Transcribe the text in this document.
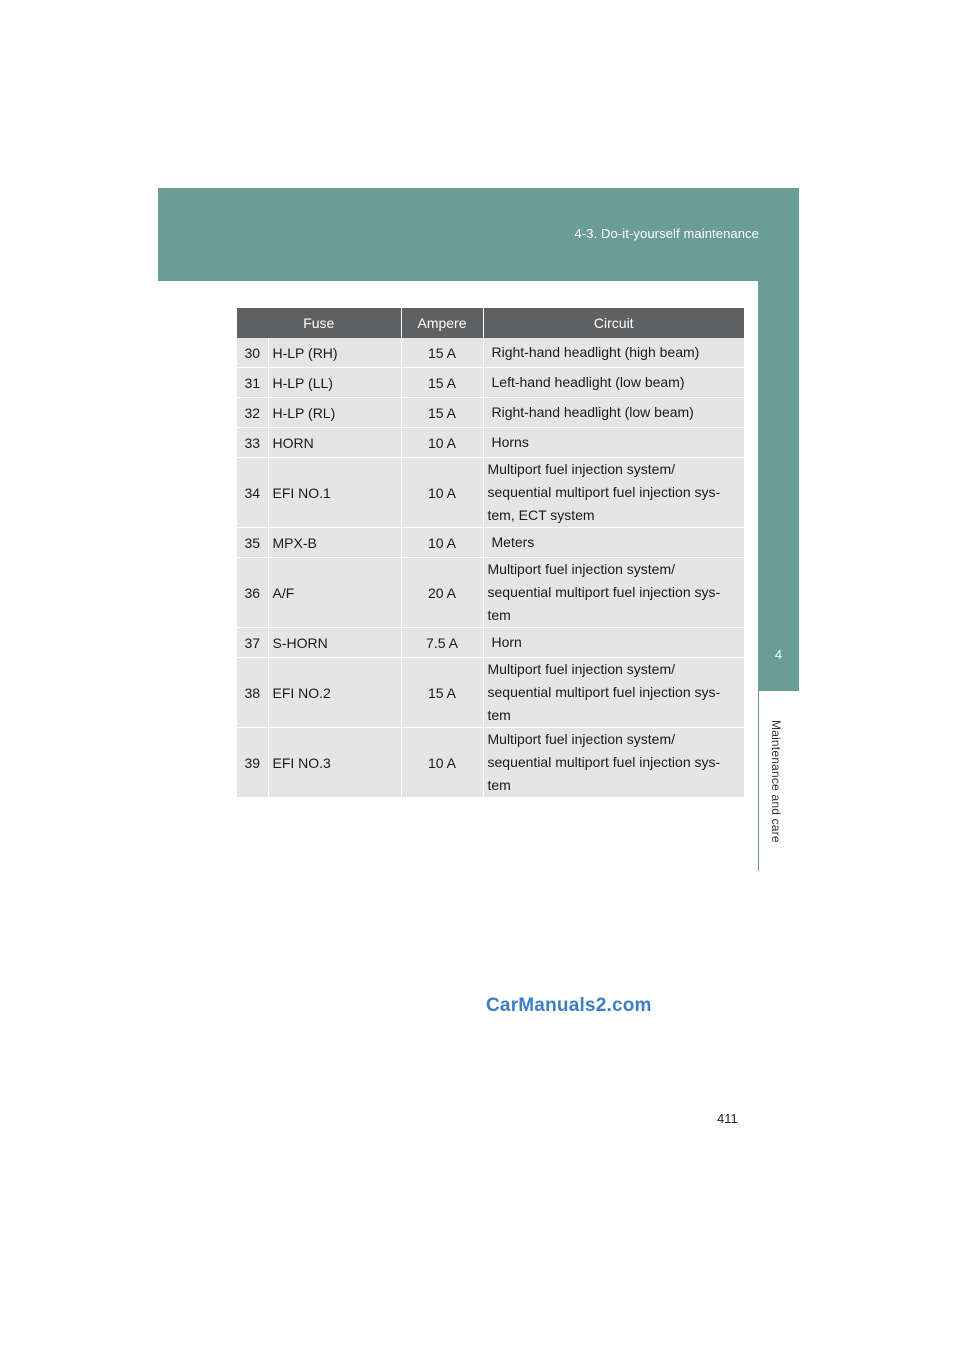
4-3. Do-it-yourself maintenance
4
Maintenance and care
Fuse		Ampere	Circuit
30	H-LP (RH)	15 A	Right-hand headlight (high beam)

31	H-LP (LL)	15 A	Left-hand headlight (low beam)

32	H-LP (RL)	15 A	Right-hand headlight (low beam)

33	HORN	10 A	Horns

34	EFI NO.1	10 A	Multiport fuel injection system/
sequential multiport fuel injection sys-
tem, ECT system

35	MPX-B	10 A	Meters

36	A/F	20 A	Multiport fuel injection system/
sequential multiport fuel injection sys-
tem

37	S-HORN	7.5 A	Horn

38	EFI NO.2	15 A	Multiport fuel injection system/
sequential multiport fuel injection sys-
tem

39	EFI NO.3	10 A	Multiport fuel injection system/
sequential multiport fuel injection sys-
tem
CarManuals2.com
411
